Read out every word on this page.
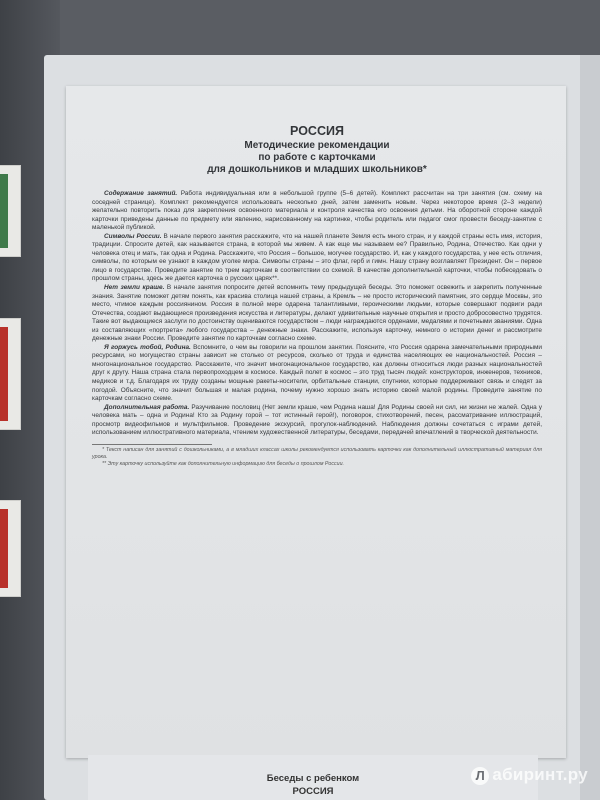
РОССИЯ

Методические рекомендации

по работе с карточками

для дошкольников и младших школьников*

Содержание занятий. Работа индивидуальная или в небольшой группе (5–6 детей). Комплект рассчитан на три занятия (см. схему на соседней странице). Комплект рекомендуется использовать несколько дней, затем заменить новым. Через некоторое время (2–3 недели) желательно повторить показ для закрепления освоенного материала и контроля качества его освоения детьми. На оборотной стороне каждой карточки приведены данные по предмету или явлению, нарисованному на картинке, чтобы родитель или педагог смог провести беседу-занятие с маленькой публикой.

Символы России. В начале первого занятия расскажите, что на нашей планете Земля есть много стран, и у каждой страны есть имя, история, традиции. Спросите детей, как называется страна, в которой мы живем. А как еще мы называем ее? Правильно, Родина, Отечество. Как одни у человека отец и мать, так одна и Родина. Расскажите, что Россия – большое, могучее государство. И, как у каждого государства, у нее есть отличия, символы, по которым ее узнают в каждом уголке мира. Символы страны – это флаг, герб и гимн. Нашу страну возглавляет Президент. Он – первое лицо в государстве. Проведите занятие по трем карточкам в соответствии со схемой. В качестве дополнительной карточки, чтобы побеседовать о прошлом страны, здесь же дается карточка о русских царях**.

Нет земли краше. В начале занятия попросите детей вспомнить тему предыдущей беседы. Это поможет освежить и закрепить полученные знания. Занятие поможет детям понять, как красива столица нашей страны, а Кремль – не просто исторический памятник, это сердце Москвы, это место, чтимое каждым россиянином. Россия в полной мере одарена талантливыми, героическими людьми, которые совершают подвиги ради Отечества, создают выдающиеся произведения искусства и литературы, делают удивительные научные открытия и просто добросовестно трудятся. Такие вот выдающиеся заслуги по достоинству оцениваются государством – люди награждаются орденами, медалями и почетными званиями. Одна из составляющих «портрета» любого государства – денежные знаки. Расскажите, используя карточку, немного о истории денег и рассмотрите денежные знаки России. Проведите занятие по карточкам согласно схеме.

Я горжусь тобой, Родина. Вспомните, о чем вы говорили на прошлом занятии. Поясните, что Россия одарена замечательными природными ресурсами, но могущество страны зависит не столько от ресурсов, сколько от труда и единства населяющих ее национальностей. Россия – многонациональное государство. Расскажите, что значит многонациональное государство, как должны относиться люди разных национальностей друг к другу. Наша страна стала первопроходцем в космосе. Каждый полет в космос – это труд тысяч людей: конструкторов, инженеров, техников, медиков и т.д. Благодаря их труду созданы мощные ракеты-носители, орбитальные станции, спутники, которые поддерживают связь и следят за погодой. Объясните, что значит большая и малая родина, почему нужно хорошо знать историю своей малой родины. Проведите занятие по карточкам согласно схеме.

Дополнительная работа. Разучивание пословиц (Нет земли краше, чем Родина наша! Для Родины своей ни сил, ни жизни не жалей. Одна у человека мать – одна и Родина! Кто за Родину горой – тот истинный герой!), поговорок, стихотворений, песен, рассматривание иллюстраций, просмотр видеофильмов и мультфильмов. Проведение экскурсий, прогулок-наблюдений. Наблюдения должны сочетаться с играми детей, использованием иллюстративного материала, чтением художественной литературы, беседами, передачей впечатлений в творческой деятельности.

* Текст написан для занятий с дошкольниками, а в младших классах школы рекомендуется использовать карточки как дополнительный иллюстративный материал для урока.

** Эту карточку используйте как дополнительную информацию для беседы о прошлом России.

Беседы с ребенком
РОССИЯ
Л абиринт.ру
